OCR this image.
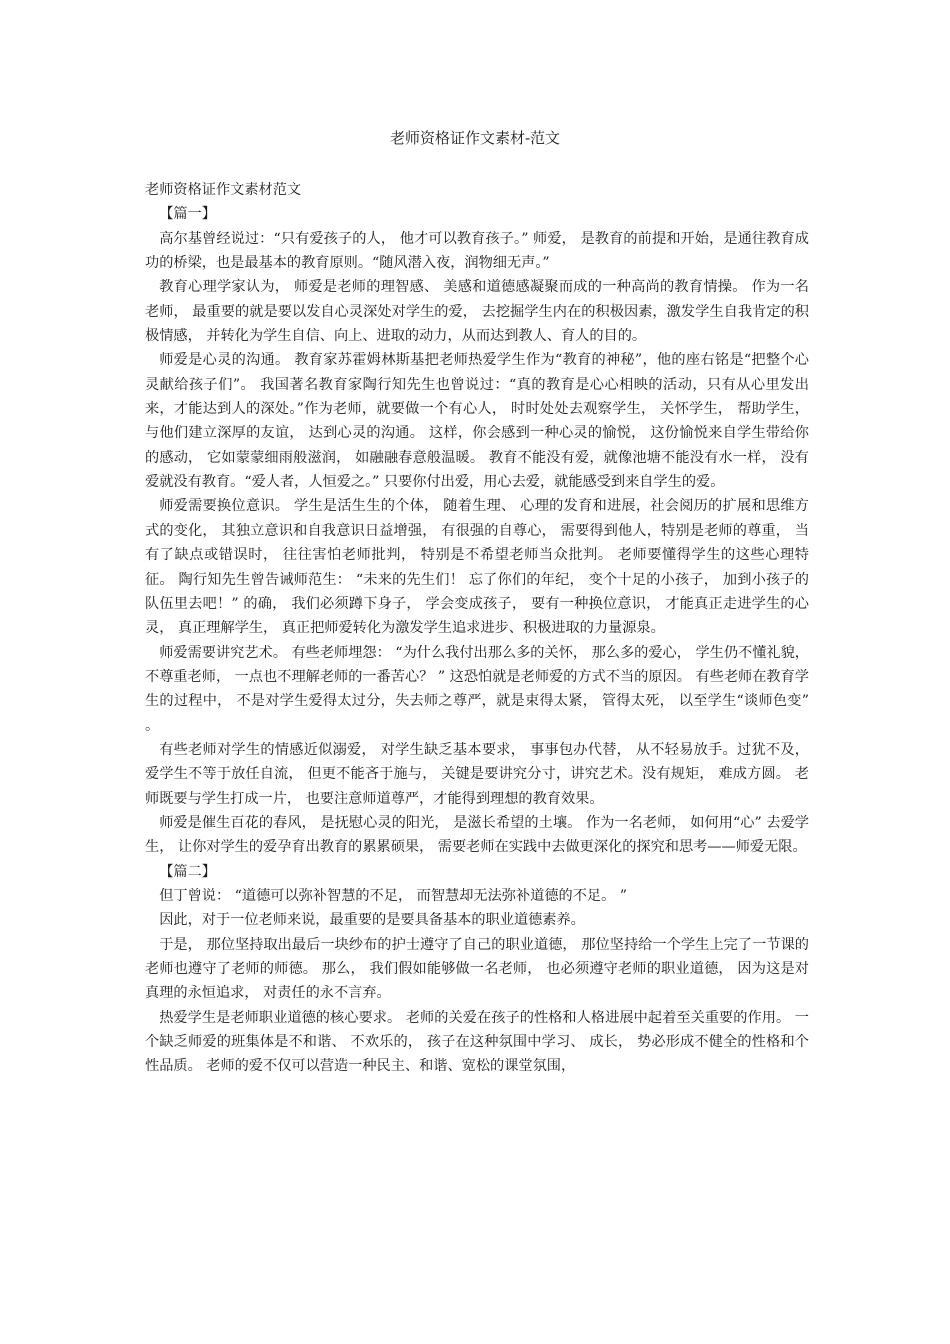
老师资格证作文素材-范文

老师资格证作文素材范文

【篇一】

高尔基曾经说过：“只有爱孩子的人， 他才可以教育孩子。” 师爱， 是教育的前提和开始，是通往教育成功的桥梁，也是最基本的教育原则。“随风潜入夜，润物细无声。”

教育心理学家认为， 师爱是老师的理智感、 美感和道德感凝聚而成的一种高尚的教育情操。 作为一名老师， 最重要的就是要以发自心灵深处对学生的爱， 去挖掘学生内在的积极因素，激发学生自我肯定的积极情感， 并转化为学生自信、向上、进取的动力，从而达到教人、育人的目的。

师爱是心灵的沟通。 教育家苏霍姆林斯基把老师热爱学生作为“教育的神秘”，他的座右铭是“把整个心灵献给孩子们”。 我国著名教育家陶行知先生也曾说过：“真的教育是心心相映的活动，只有从心里发出来，才能达到人的深处。”作为老师，就要做一个有心人， 时时处处去观察学生， 关怀学生， 帮助学生， 与他们建立深厚的友谊， 达到心灵的沟通。 这样，你会感到一种心灵的愉悦， 这份愉悦来自学生带给你的感动， 它如蒙蒙细雨般滋润， 如融融春意般温暖。 教育不能没有爱，就像池塘不能没有水一样， 没有爱就没有教育。“爱人者，人恒爱之。” 只要你付出爱，用心去爱，就能感受到来自学生的爱。

师爱需要换位意识。 学生是活生生的个体， 随着生理、 心理的发育和进展，社会阅历的扩展和思维方式的变化， 其独立意识和自我意识日益增强， 有很强的自尊心， 需要得到他人，特别是老师的尊重， 当有了缺点或错误时， 往往害怕老师批判， 特别是不希望老师当众批判。 老师要懂得学生的这些心理特征。 陶行知先生曾告诫师范生： “未来的先生们！ 忘了你们的年纪， 变个十足的小孩子， 加到小孩子的队伍里去吧！” 的确， 我们必须蹲下身子， 学会变成孩子， 要有一种换位意识， 才能真正走进学生的心灵， 真正理解学生， 真正把师爱转化为激发学生追求进步、积极进取的力量源泉。

师爱需要讲究艺术。 有些老师埋怨： “为什么我付出那么多的关怀， 那么多的爱心， 学生仍不懂礼貌， 不尊重老师， 一点也不理解老师的一番苦心？ ” 这恐怕就是老师爱的方式不当的原因。 有些老师在教育学生的过程中， 不是对学生爱得太过分，失去师之尊严，就是束得太紧， 管得太死， 以至学生“谈师色变” 。

有些老师对学生的情感近似溺爱， 对学生缺乏基本要求， 事事包办代替， 从不轻易放手。过犹不及， 爱学生不等于放任自流， 但更不能吝于施与， 关键是要讲究分寸，讲究艺术。没有规矩， 难成方圆。 老师既要与学生打成一片， 也要注意师道尊严，才能得到理想的教育效果。

师爱是催生百花的春风， 是抚慰心灵的阳光， 是滋长希望的土壤。 作为一名老师， 如何用“心” 去爱学生， 让你对学生的爱孕育出教育的累累硕果， 需要老师在实践中去做更深化的探究和思考——师爱无限。

【篇二】

但丁曾说： “道德可以弥补智慧的不足， 而智慧却无法弥补道德的不足。 ”

因此，对于一位老师来说，最重要的是要具备基本的职业道德素养。

于是， 那位坚持取出最后一块纱布的护士遵守了自己的职业道德， 那位坚持给一个学生上完了一节课的老师也遵守了老师的师德。 那么， 我们假如能够做一名老师， 也必须遵守老师的职业道德， 因为这是对真理的永恒追求， 对责任的永不言弃。

热爱学生是老师职业道德的核心要求。 老师的关爱在孩子的性格和人格进展中起着至关重要的作用。 一个缺乏师爱的班集体是不和谐、 不欢乐的， 孩子在这种氛围中学习、 成长， 势必形成不健全的性格和个性品质。 老师的爱不仅可以营造一种民主、和谐、宽松的课堂氛围，
